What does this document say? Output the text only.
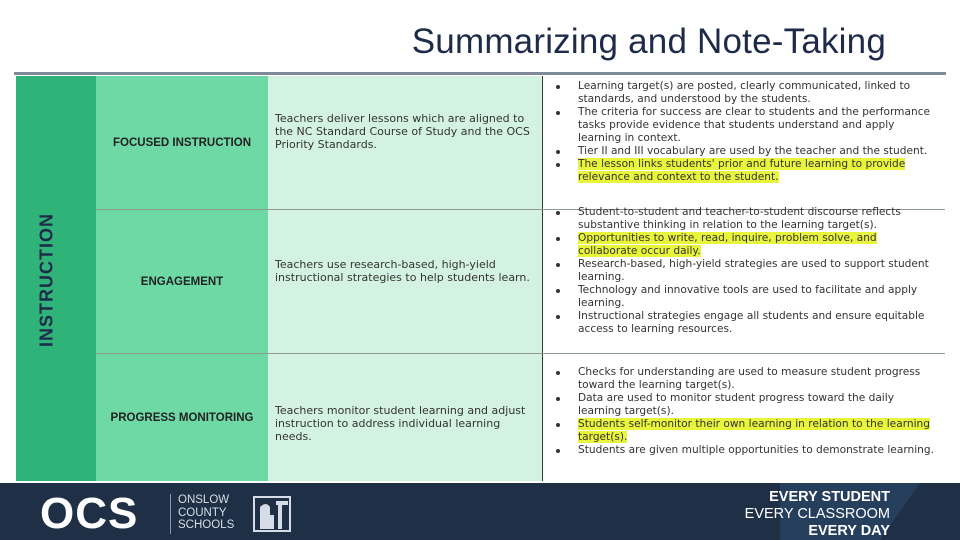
Summarizing and Note-Taking
INSTRUCTION
FOCUSED INSTRUCTION
Teachers deliver lessons which are aligned to the NC Standard Course of Study and the OCS Priority Standards.
Learning target(s) are posted, clearly communicated, linked to standards, and understood by the students.
The criteria for success are clear to students and the performance tasks provide evidence that students understand and apply learning in context.
Tier II and III vocabulary are used by the teacher and the student.
The lesson links students' prior and future learning to provide relevance and context to the student.
ENGAGEMENT
Teachers use research-based, high-yield instructional strategies to help students learn.
Student-to-student and teacher-to-student discourse reflects substantive thinking in relation to the learning target(s).
Opportunities to write, read, inquire, problem solve, and collaborate occur daily.
Research-based, high-yield strategies are used to support student learning.
Technology and innovative tools are used to facilitate and apply learning.
Instructional strategies engage all students and ensure equitable access to learning resources.
PROGRESS MONITORING
Teachers monitor student learning and adjust instruction to address individual learning needs.
Checks for understanding are used to measure student progress toward the learning target(s).
Data are used to monitor student progress toward the daily learning target(s).
Students self-monitor their own learning in relation to the learning target(s).
Students are given multiple opportunities to demonstrate learning.
OCS	ONSLOW
COUNTY
SCHOOLS
EVERY STUDENT
EVERY CLASSROOM
EVERY DAY
